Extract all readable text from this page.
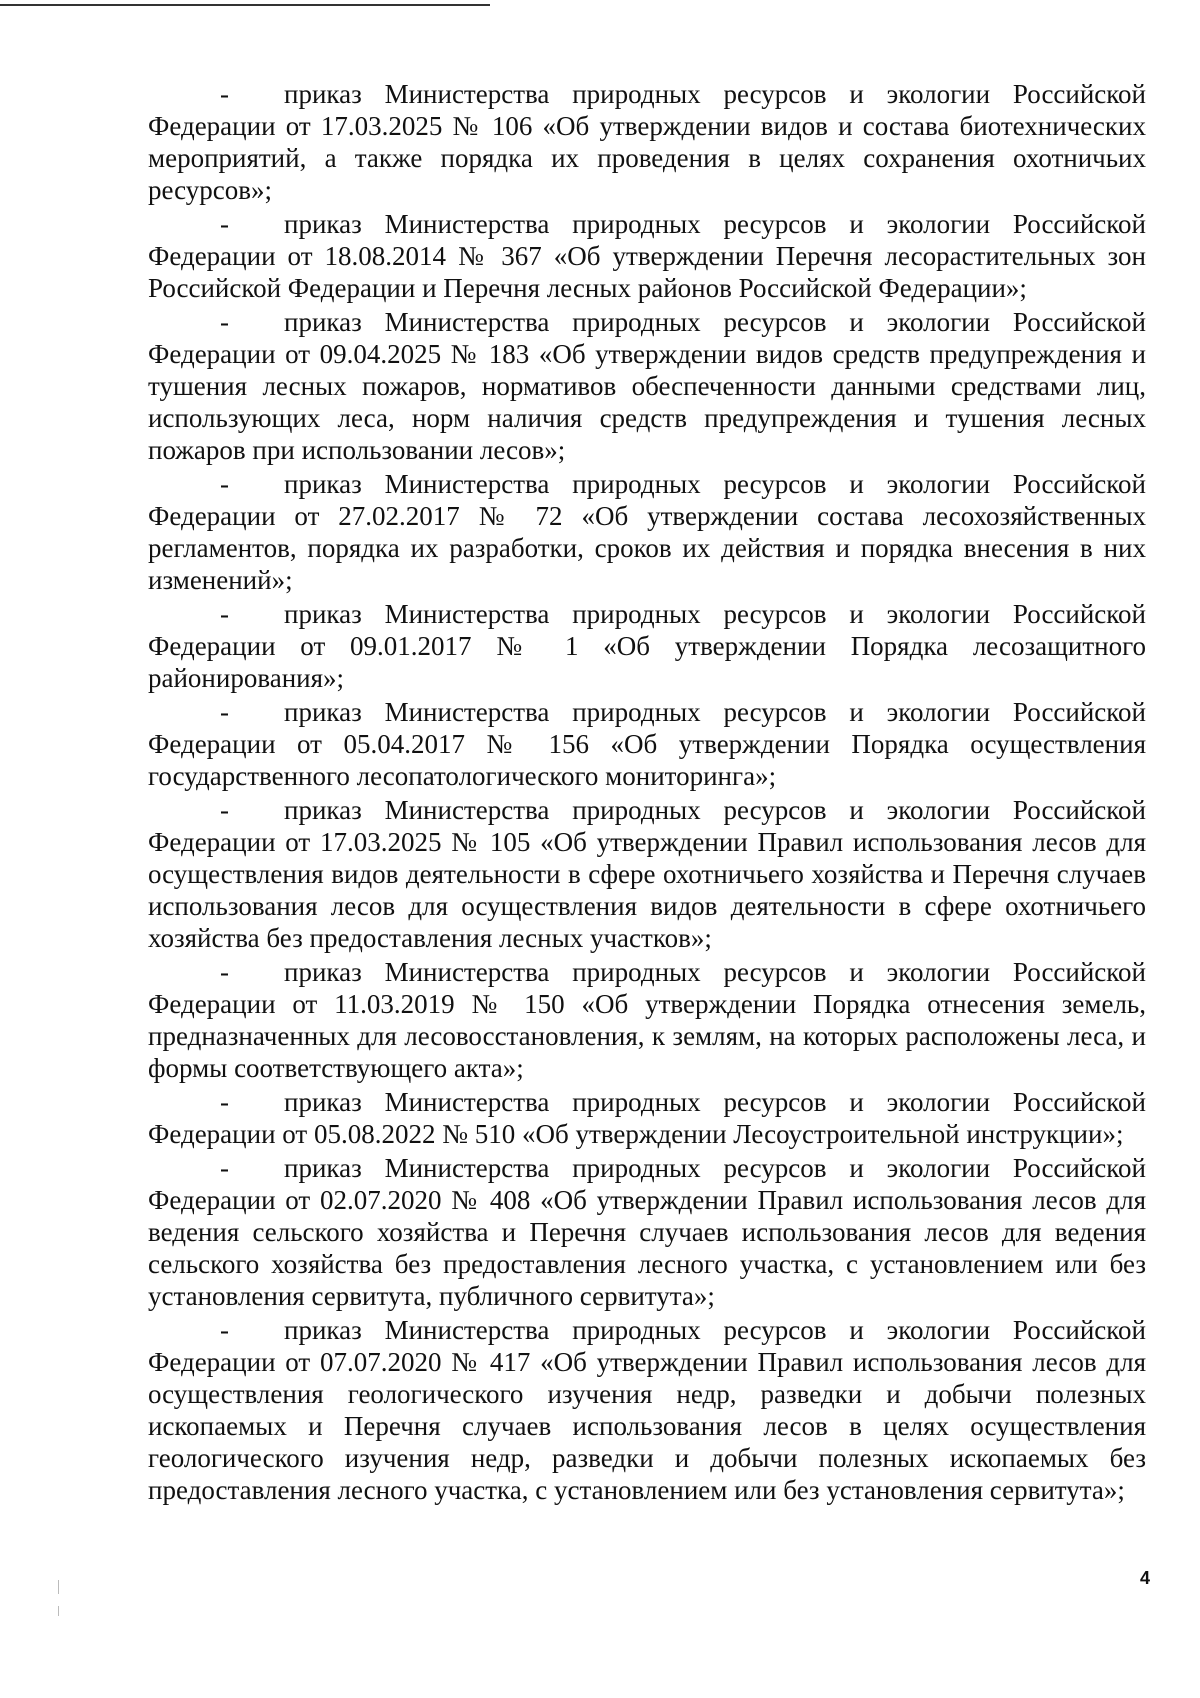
- приказ Министерства природных ресурсов и экологии Российской Федерации от 17.03.2025 № 106 «Об утверждении видов и состава биотехнических мероприятий, а также порядка их проведения в целях сохранения охотничьих ресурсов»;

- приказ Министерства природных ресурсов и экологии Российской Федерации от 18.08.2014 № 367 «Об утверждении Перечня лесорастительных зон Российской Федерации и Перечня лесных районов Российской Федерации»;

- приказ Министерства природных ресурсов и экологии Российской Федерации от 09.04.2025 № 183 «Об утверждении видов средств предупреждения и тушения лесных пожаров, нормативов обеспеченности данными средствами лиц, использующих леса, норм наличия средств предупреждения и тушения лесных пожаров при использовании лесов»;

- приказ Министерства природных ресурсов и экологии Российской Федерации от 27.02.2017 № 72 «Об утверждении состава лесохозяйственных регламентов, порядка их разработки, сроков их действия и порядка внесения в них изменений»;

- приказ Министерства природных ресурсов и экологии Российской Федерации от 09.01.2017 № 1 «Об утверждении Порядка лесозащитного районирования»;

- приказ Министерства природных ресурсов и экологии Российской Федерации от 05.04.2017 № 156 «Об утверждении Порядка осуществления государственного лесопатологического мониторинга»;

- приказ Министерства природных ресурсов и экологии Российской Федерации от 17.03.2025 № 105 «Об утверждении Правил использования лесов для осуществления видов деятельности в сфере охотничьего хозяйства и Перечня случаев использования лесов для осуществления видов деятельности в сфере охотничьего хозяйства без предоставления лесных участков»;

- приказ Министерства природных ресурсов и экологии Российской Федерации от 11.03.2019 № 150 «Об утверждении Порядка отнесения земель, предназначенных для лесовосстановления, к землям, на которых расположены леса, и формы соответствующего акта»;

- приказ Министерства природных ресурсов и экологии Российской Федерации от 05.08.2022 № 510 «Об утверждении Лесоустроительной инструкции»;

- приказ Министерства природных ресурсов и экологии Российской Федерации от 02.07.2020 № 408 «Об утверждении Правил использования лесов для ведения сельского хозяйства и Перечня случаев использования лесов для ведения сельского хозяйства без предоставления лесного участка, с установлением или без установления сервитута, публичного сервитута»;

- приказ Министерства природных ресурсов и экологии Российской Федерации от 07.07.2020 № 417 «Об утверждении Правил использования лесов для осуществления геологического изучения недр, разведки и добычи полезных ископаемых и Перечня случаев использования лесов в целях осуществления геологического изучения недр, разведки и добычи полезных ископаемых без предоставления лесного участка, с установлением или без установления сервитута»;

4
